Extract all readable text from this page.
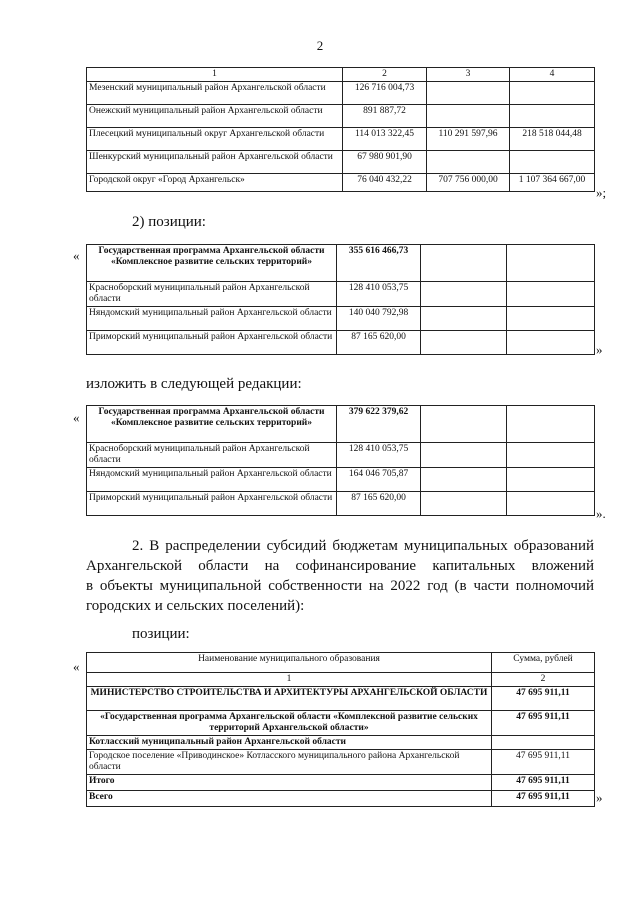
2
1	2	3	4
Мезенский муниципальный район Архангельской области	126 716 004,73		
Онежский муниципальный район Архангельской области	891 887,72		
Плесецкий муниципальный округ Архангельской области	114 013 322,45	110 291 597,96	218 518 044,48
Шенкурский муниципальный район Архангельской области	67 980 901,90		
Городской округ «Город Архангельск»	76 040 432,22	707 756 000,00	1 107 364 667,00
»;
2) позиции:
« Государственная программа Архангельской области «Комплексное развитие сельских территорий»	355 616 466,73		
Красноборский муниципальный район Архангельской области	128 410 053,75		
Няндомский муниципальный район Архангельской области	140 040 792,98		
Приморский муниципальный район Архангельской области	87 165 620,00		
»
изложить в следующей редакции:
« Государственная программа Архангельской области «Комплексное развитие сельских территорий»	379 622 379,62		
Красноборский муниципальный район Архангельской области	128 410 053,75		
Няндомский муниципальный район Архангельской области	164 046 705,87		
Приморский муниципальный район Архангельской области	87 165 620,00		
».
2. В распределении субсидий бюджетам муниципальных образований
Архангельской области на софинансирование капитальных вложений
в объекты муниципальной собственности на 2022 год (в части полномочий
городских и сельских поселений):
позиции:
«	Наименование муниципального образования	Сумма, рублей
1	2
МИНИСТЕРСТВО СТРОИТЕЛЬСТВА И АРХИТЕКТУРЫ АРХАНГЕЛЬСКОЙ ОБЛАСТИ	47 695 911,11
«Государственная программа Архангельской области «Комплексной развитие сельских территорий Архангельской области»	47 695 911,11
Котласский муниципальный район Архангельской области	
Городское поселение «Приводинское» Котласского муниципального района Архангельской области	47 695 911,11
Итого	47 695 911,11
Всего	47 695 911,11 »
